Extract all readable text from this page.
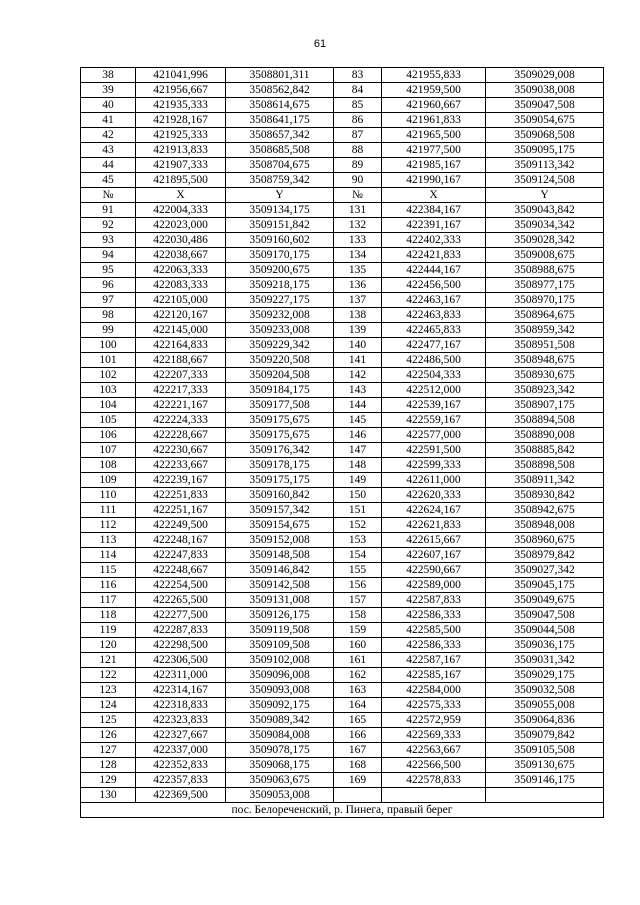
61
38	421041,996	3508801,311	83	421955,833	3509029,008
39	421956,667	3508562,842	84	421959,500	3509038,008
40	421935,333	3508614,675	85	421960,667	3509047,508
41	421928,167	3508641,175	86	421961,833	3509054,675
42	421925,333	3508657,342	87	421965,500	3509068,508
43	421913,833	3508685,508	88	421977,500	3509095,175
44	421907,333	3508704,675	89	421985,167	3509113,342
45	421895,500	3508759,342	90	421990,167	3509124,508
№	X	Y	№	X	Y
91	422004,333	3509134,175	131	422384,167	3509043,842
92	422023,000	3509151,842	132	422391,167	3509034,342
93	422030,486	3509160,602	133	422402,333	3509028,342
94	422038,667	3509170,175	134	422421,833	3509008,675
95	422063,333	3509200,675	135	422444,167	3508988,675
96	422083,333	3509218,175	136	422456,500	3508977,175
97	422105,000	3509227,175	137	422463,167	3508970,175
98	422120,167	3509232,008	138	422463,833	3508964,675
99	422145,000	3509233,008	139	422465,833	3508959,342
100	422164,833	3509229,342	140	422477,167	3508951,508
101	422188,667	3509220,508	141	422486,500	3508948,675
102	422207,333	3509204,508	142	422504,333	3508930,675
103	422217,333	3509184,175	143	422512,000	3508923,342
104	422221,167	3509177,508	144	422539,167	3508907,175
105	422224,333	3509175,675	145	422559,167	3508894,508
106	422228,667	3509175,675	146	422577,000	3508890,008
107	422230,667	3509176,342	147	422591,500	3508885,842
108	422233,667	3509178,175	148	422599,333	3508898,508
109	422239,167	3509175,175	149	422611,000	3508911,342
110	422251,833	3509160,842	150	422620,333	3508930,842
111	422251,167	3509157,342	151	422624,167	3508942,675
112	422249,500	3509154,675	152	422621,833	3508948,008
113	422248,167	3509152,008	153	422615,667	3508960,675
114	422247,833	3509148,508	154	422607,167	3508979,842
115	422248,667	3509146,842	155	422590,667	3509027,342
116	422254,500	3509142,508	156	422589,000	3509045,175
117	422265,500	3509131,008	157	422587,833	3509049,675
118	422277,500	3509126,175	158	422586,333	3509047,508
119	422287,833	3509119,508	159	422585,500	3509044,508
120	422298,500	3509109,508	160	422586,333	3509036,175
121	422306,500	3509102,008	161	422587,167	3509031,342
122	422311,000	3509096,008	162	422585,167	3509029,175
123	422314,167	3509093,008	163	422584,000	3509032,508
124	422318,833	3509092,175	164	422575,333	3509055,008
125	422323,833	3509089,342	165	422572,959	3509064,836
126	422327,667	3509084,008	166	422569,333	3509079,842
127	422337,000	3509078,175	167	422563,667	3509105,508
128	422352,833	3509068,175	168	422566,500	3509130,675
129	422357,833	3509063,675	169	422578,833	3509146,175
130	422369,500	3509053,008			
пос. Белореченский, р. Пинега, правый берег					
